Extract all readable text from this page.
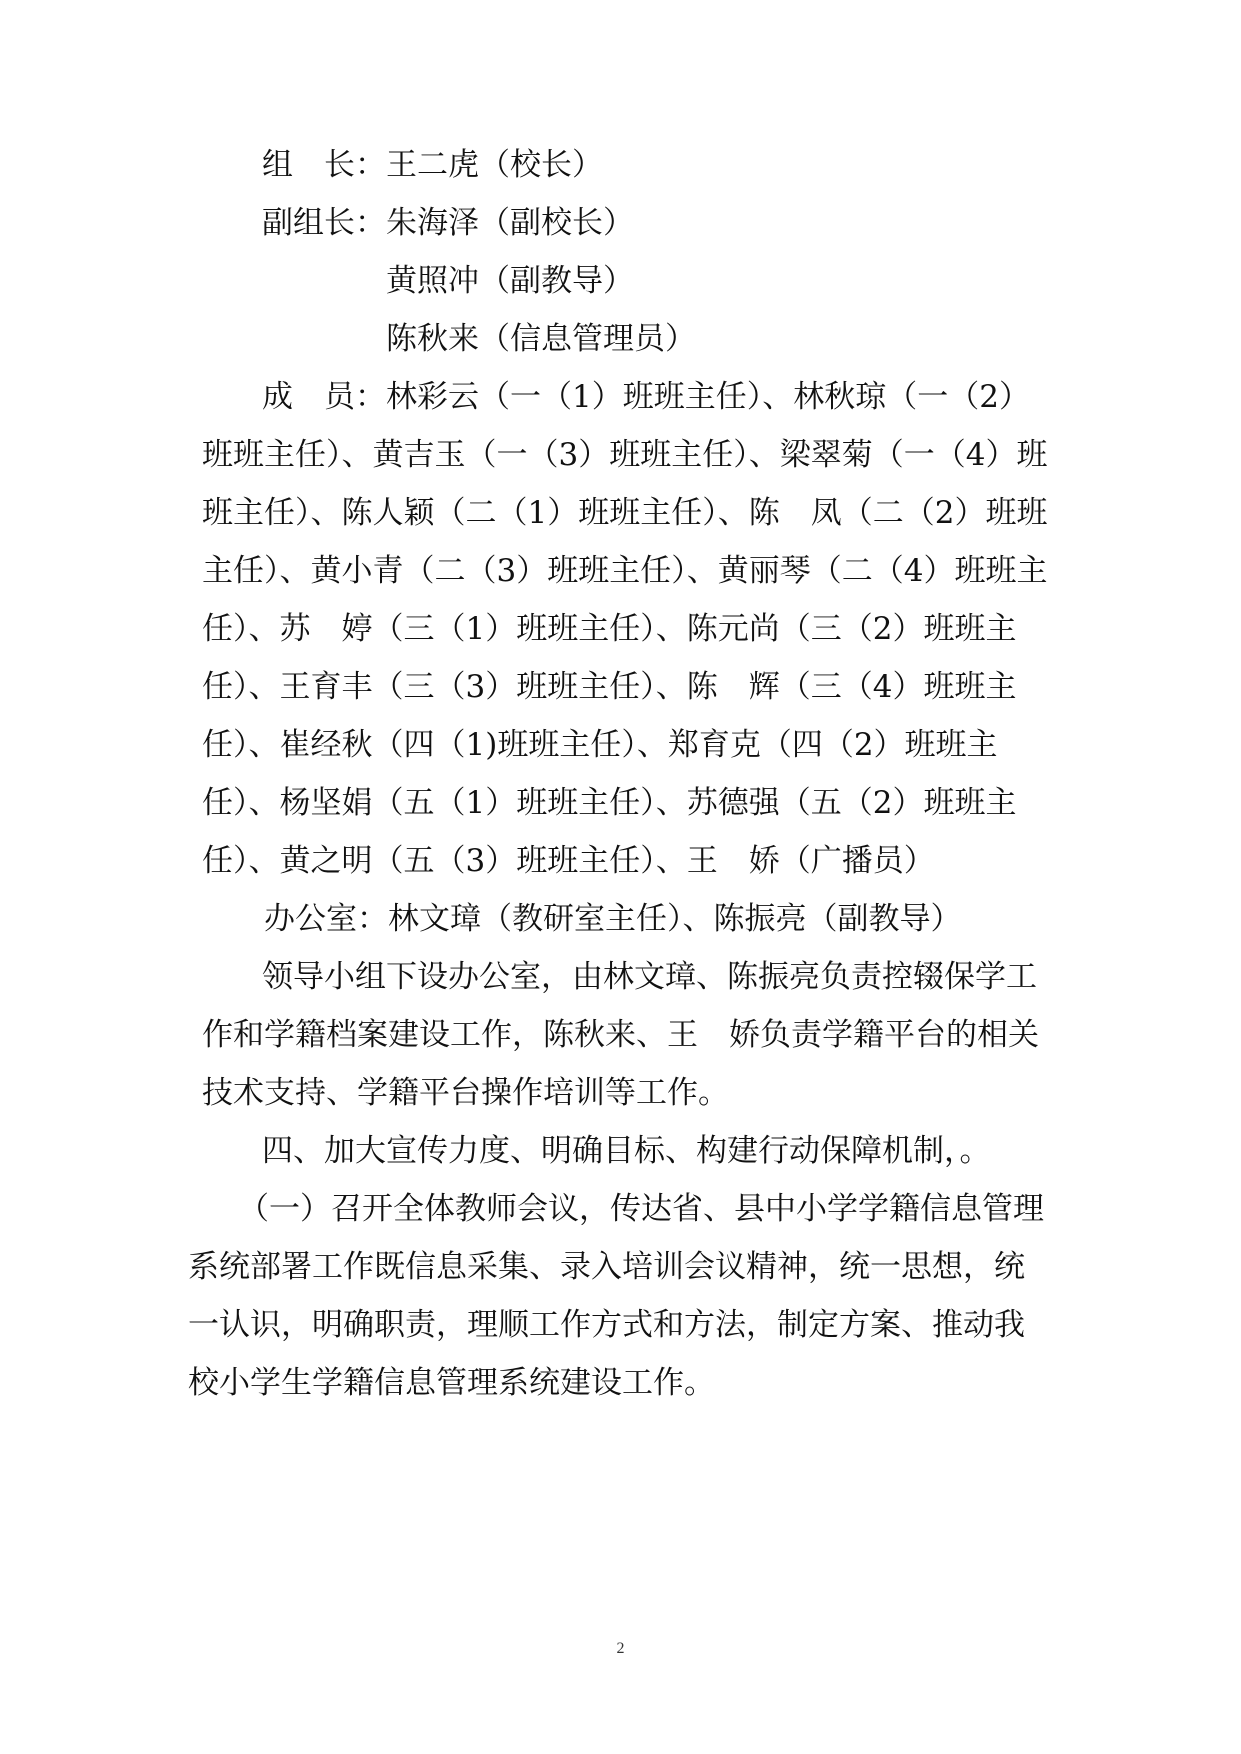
组　长：王二虎（校长）
副组长：朱海泽（副校长）
黄照冲（副教导）
陈秋来（信息管理员）
成　员：林彩云（一（1）班班主任）、林秋琼（一（2）
班班主任）、黄吉玉（一（3）班班主任）、梁翠菊（一（4）班
班主任）、陈人颖（二（1）班班主任）、陈　凤（二（2）班班
主任）、黄小青（二（3）班班主任）、黄丽琴（二（4）班班主
任）、苏　婷（三（1）班班主任）、陈元尚（三（2）班班主
任）、王育丰（三（3）班班主任）、陈　辉（三（4）班班主
任）、崔经秋（四（1)班班主任）、郑育克（四（2）班班主
任）、杨坚娟（五（1）班班主任）、苏德强（五（2）班班主
任）、黄之明（五（3）班班主任）、王　娇（广播员）
办公室：林文璋（教研室主任）、陈振亮（副教导）
领导小组下设办公室，由林文璋、陈振亮负责控辍保学工
作和学籍档案建设工作，陈秋来、王　娇负责学籍平台的相关
技术支持、学籍平台操作培训等工作。
四、加大宣传力度、明确目标、构建行动保障机制，。
（一）召开全体教师会议，传达省、县中小学学籍信息管理
系统部署工作既信息采集、录入培训会议精神，统一思想，统
一认识，明确职责，理顺工作方式和方法，制定方案、推动我
校小学生学籍信息管理系统建设工作。
2
